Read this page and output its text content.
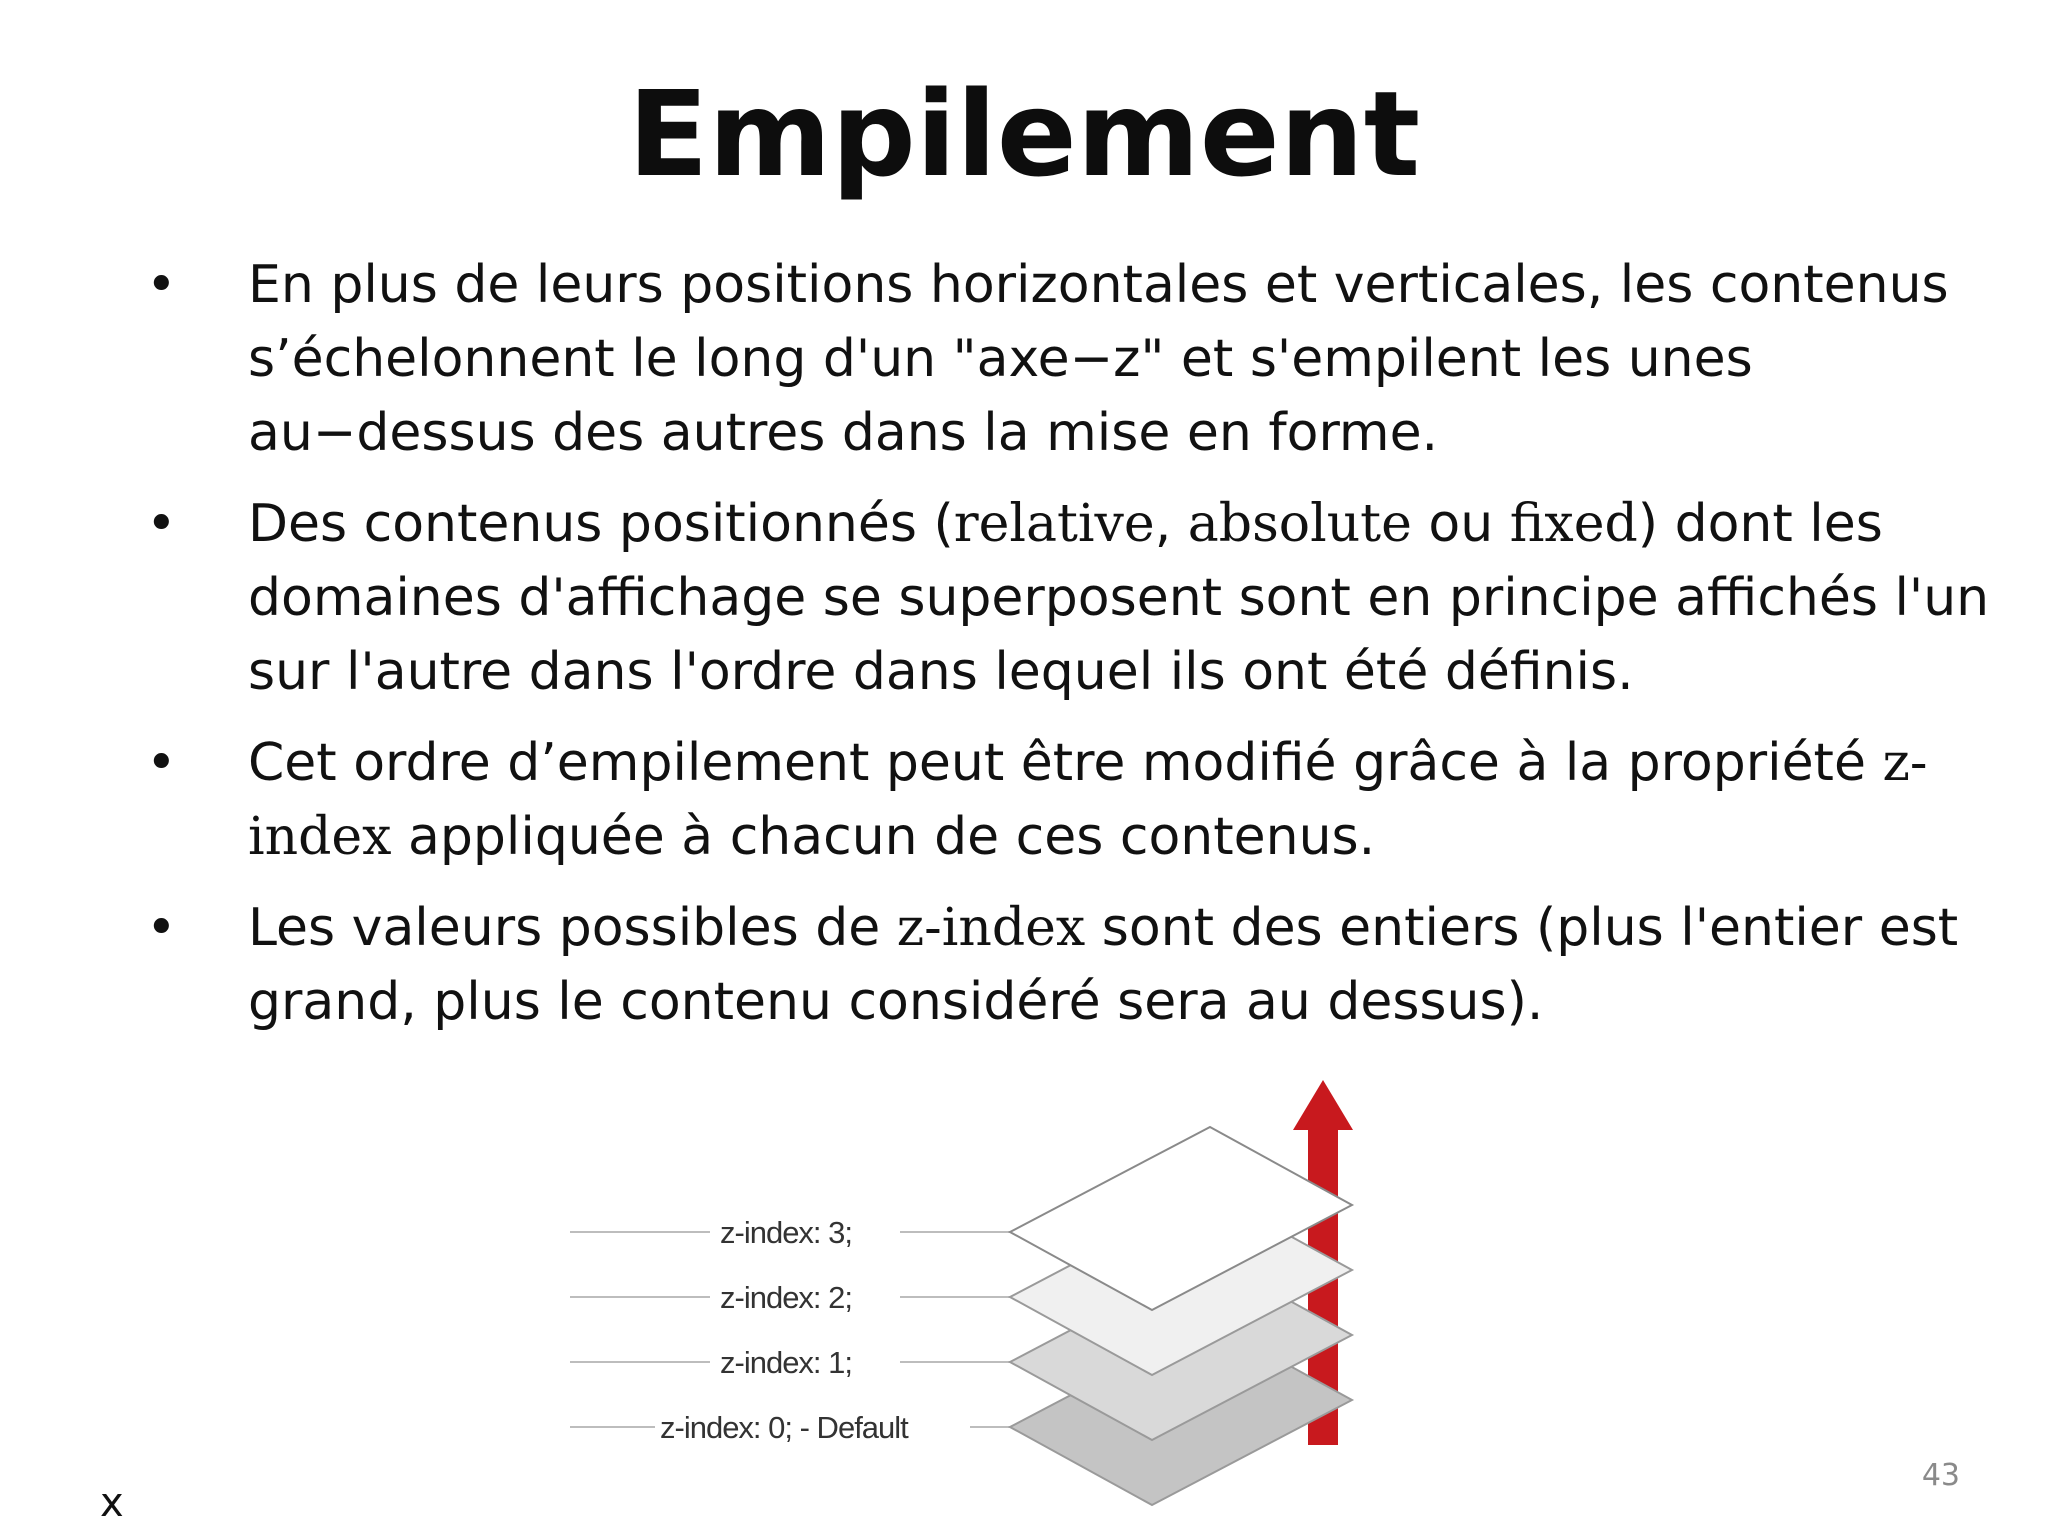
Empilement
• En plus de leurs positions horizontales et verticales, les contenus s’échelonnent le long d'un "axe−z" et s'empilent les unes au−dessus des autres dans la mise en forme.
• Des contenus positionnés (relative, absolute ou fixed) dont les domaines d'affichage se superposent sont en principe affichés l'un sur l'autre dans l'ordre dans lequel ils ont été définis.
• Cet ordre d’empilement peut être modifié grâce à la propriété z-index appliquée à chacun de ces contenus.
• Les valeurs possibles de z-index sont des entiers (plus l'entier est grand, plus le contenu considéré sera au dessus).
z-index: 3;
z-index: 2;
z-index: 1;
z-index: 0; - Default
43
x
